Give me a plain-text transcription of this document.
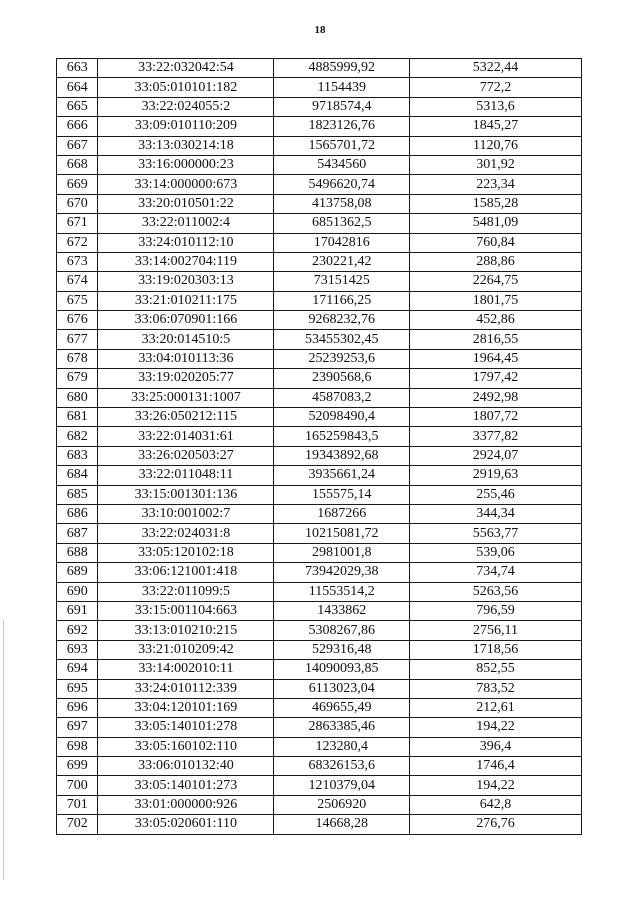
18
663	33:22:032042:54	4885999,92	5322,44
664	33:05:010101:182	1154439	772,2
665	33:22:024055:2	9718574,4	5313,6
666	33:09:010110:209	1823126,76	1845,27
667	33:13:030214:18	1565701,72	1120,76
668	33:16:000000:23	5434560	301,92
669	33:14:000000:673	5496620,74	223,34
670	33:20:010501:22	413758,08	1585,28
671	33:22:011002:4	6851362,5	5481,09
672	33:24:010112:10	17042816	760,84
673	33:14:002704:119	230221,42	288,86
674	33:19:020303:13	73151425	2264,75
675	33:21:010211:175	171166,25	1801,75
676	33:06:070901:166	9268232,76	452,86
677	33:20:014510:5	53455302,45	2816,55
678	33:04:010113:36	25239253,6	1964,45
679	33:19:020205:77	2390568,6	1797,42
680	33:25:000131:1007	4587083,2	2492,98
681	33:26:050212:115	52098490,4	1807,72
682	33:22:014031:61	165259843,5	3377,82
683	33:26:020503:27	19343892,68	2924,07
684	33:22:011048:11	3935661,24	2919,63
685	33:15:001301:136	155575,14	255,46
686	33:10:001002:7	1687266	344,34
687	33:22:024031:8	10215081,72	5563,77
688	33:05:120102:18	2981001,8	539,06
689	33:06:121001:418	73942029,38	734,74
690	33:22:011099:5	11553514,2	5263,56
691	33:15:001104:663	1433862	796,59
692	33:13:010210:215	5308267,86	2756,11
693	33:21:010209:42	529316,48	1718,56
694	33:14:002010:11	14090093,85	852,55
695	33:24:010112:339	6113023,04	783,52
696	33:04:120101:169	469655,49	212,61
697	33:05:140101:278	2863385,46	194,22
698	33:05:160102:110	123280,4	396,4
699	33:06:010132:40	68326153,6	1746,4
700	33:05:140101:273	1210379,04	194,22
701	33:01:000000:926	2506920	642,8
702	33:05:020601:110	14668,28	276,76
